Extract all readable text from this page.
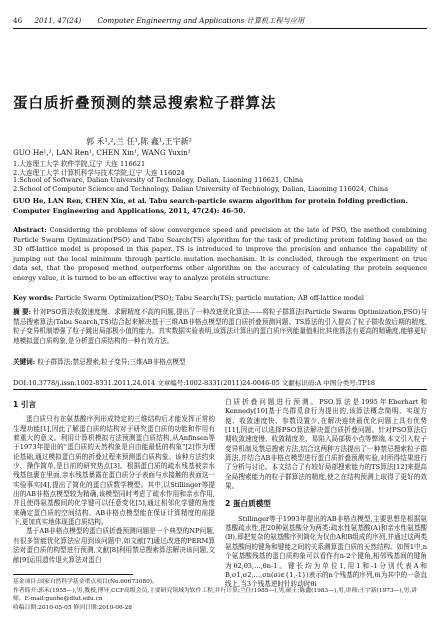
46 2011, 47(24) Computer Engineering and Applications 计算机工程与应用
蛋白质折叠预测的禁忌搜索粒子群算法
郭 禾¹,²,兰 任¹,陈 鑫¹,王宇新²
GUO He¹,², LAN Ren¹, CHEN Xin¹, WANG Yuxin²
1.大连理工大学 软件学院,辽宁 大连 116621
2.大连理工大学 计算机科学与技术学院,辽宁 大连 116024
1.School of Software, Dalian University of Technology, Dalian, Liaoning 116621, China
2.School of Computer Science and Technology, Dalian University of Technology, Dalian, Liaoning 116024, China
GUO He, LAN Ren, CHEN Xin, et al. Tabu search-particle swarm algorithm for protein folding prediction. Computer Engineering and Applications, 2011, 47(24): 46-50.
Abstract: Considering the problems of slow convergence speed and precision at the late of PSO, the method combining Particle Swarm Optimization(PSO) and Tabu Search(TS) algorithm for the task of predicting protein folding based on the 3D off-lattice model is proposed in this paper. TS is introduced to improve the precision and enhance the capability of jumping out the local minimum through particle mutation mechanism. It is concluded, through the experiment on true data set, that the proposed method outperforms other algorithm on the accuracy of calculating the protein sequence energy value, it is turned to be an effective way to analyze protein structure.
Key words: Particle Swarm Optimization(PSO); Tabu Search(TS); particle mutation; AB off-lattice model
摘 要: 针对PSO算法收敛速度慢、求解精度不高的问题,提出了一种改进优化算法——将粒子群算法(Particle Swarm Optimization,PSO)与禁忌搜索算法(Tabu Search,TS)结合起来解决基于三维AB非格点模型的蛋白质折叠预测问题。TS算法的引入提高了粒子群收敛后期的精度,粒子变异机制增强了粒子跳出局部极小值的能力。真实数据实验表明,该算法计算出的蛋白质序列能量值相比其他算法有更高的精确度,能够更好地模拟蛋白质构象,是分析蛋白质结构的一种有效方法。
关键词: 粒子群算法;禁忌搜索;粒子变异;三维AB非格点模型
DOI:10.3778/j.issn.1002-8331.2011.24.014 文章编号:1002-8331(2011)24-0046-05 文献标识码:A 中图分类号:TP18
1 引言

蛋白质只有在氨基酸序列形成特定的三维结构后才能发挥正常的生理功能[1],因此了解蛋白质的结构对于研究蛋白质的功能和作用有着重大的意义。利用计算机模拟方法预测蛋白质结构,从Anfinsen等于1973年提出的"蛋白质的天然构象是自由能最低的构象"[2]作为理论基础,通过模拟蛋白质的折叠过程来预测蛋白质构象。该种方法约束少、操作简单,是目前的研究热点[3]。根据蛋白质的疏水残基被亲水残基包裹在里面,亲水残基暴露在蛋白质分子表面与水接触的表面这一实验事实[4],提出了简化的蛋白质数学模型。其中,以Stillinger等提出的AB非格点模型较为精确,该模型同时考虑了疏水作用和亲水作用,并且使得氨基酸间的化学键可以任意变化[5],通过相邻化学键的角度来确定蛋白质的空间结构。AB非格点模型能在保证计算精度的前提下,更加真实地体现蛋白质结构。

基于AB非格点模型的蛋白质折叠预测问题是一个典型的NP问题,有很多智能优化算法应用到该问题中,如文献[7]通过改进的PERM算法对蛋白质的构型进行预测,文献[8]利用禁忌搜索算法解决该问题,文献[9]运用遗传退火算法对蛋白

白质折叠问题进行预测。PSO算法是1995年Eberhart和Kennedy[10]基于鸟群觅食行为提出的,该算法概念简明、实现方便、收敛速度快、参数设置少,在解决连续最优化问题上具有优势[11],因此可以选择PSO算法解决蛋白质折叠问题。针对PSO算法后期收敛速度慢、收敛精度差、易陷入局部极小点等弊端,本文引入粒子变异机制及禁忌搜索方法,结合这两种方法提出了一种禁忌搜索粒子群算法,并结合AB非格点模型进行蛋白质折叠预测实验,对所得结果进行了分析与讨论。本文结合了有较好局部搜索能力的TS算法[12]来提高全局搜索能力的粒子群算法的精度,使之在结构预测上取得了更好的效果。

2 蛋白质模型

Stillinger等于1993年提出的AB非格点模型,主要思想是根据氨基酸疏水性,把20种氨基酸分为两类:疏水性氨基酸(A)和亲水性氨基酸(B),即把复杂的氨基酸序列简化为仅由A和B组成的序列,并通过这两类氨基酸间的键角和键能之间的关系测算蛋白质的天然结构。如图1中,n个氨基酸残基的蛋白质构象可以看作有n-2个键角,相邻残基间的键角为θ2,θ3,…,θn-1。键长均为单位1,用1和-1分别代表A和B,σ1,σ2,…,σn(σi∈{1,-1})表示的n个残基的序列,θi为其中的一条直线上,当3个残基逆时针转动时θi

基金项目:国家自然科学基金重点项目(No.60673080)。
作者简介:郭禾(1955—),男,教授,博导,CCF高级会员,主要研究领域为软件工程,并行计算;兰任(1985—),男,硕士;陈鑫(1983—),男,讲师;王宇新(1973—),男,讲师。E-mail:guohe@dlut.edu.cn
收稿日期:2010-05-05 修回日期:2010-06-28
